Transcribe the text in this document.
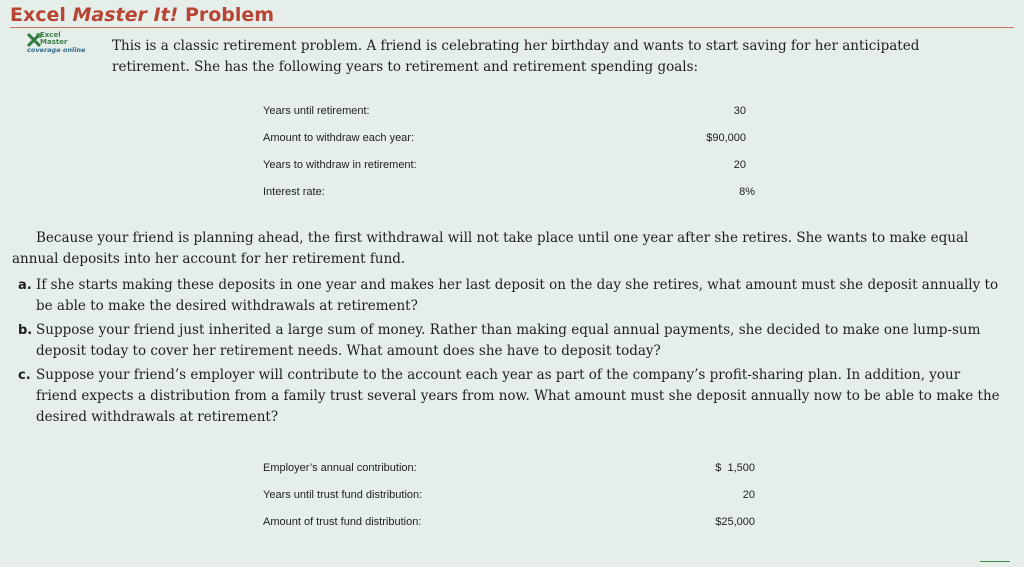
Excel Master It! Problem
Excel
Master
coverage online This is a classic retirement problem. A friend is celebrating her birthday and wants to start saving for her anticipated retirement. She has the following years to retirement and retirement spending goals:
Years until retirement:	30
Amount to withdraw each year:	$90,000
Years to withdraw in retirement:	20
Interest rate:	8%
Because your friend is planning ahead, the first withdrawal will not take place until one year after she retires. She wants to make equal annual deposits into her account for her retirement fund.
a. If she starts making these deposits in one year and makes her last deposit on the day she retires, what amount must she deposit annually to be able to make the desired withdrawals at retirement?
b. Suppose your friend just inherited a large sum of money. Rather than making equal annual payments, she decided to make one lump-sum deposit today to cover her retirement needs. What amount does she have to deposit today?
c. Suppose your friend’s employer will contribute to the account each year as part of the company’s profit-sharing plan. In addition, your friend expects a distribution from a family trust several years from now. What amount must she deposit annually now to be able to make the desired withdrawals at retirement?
Employer’s annual contribution:	$  1,500
Years until trust fund distribution:	20
Amount of trust fund distribution:	$25,000
